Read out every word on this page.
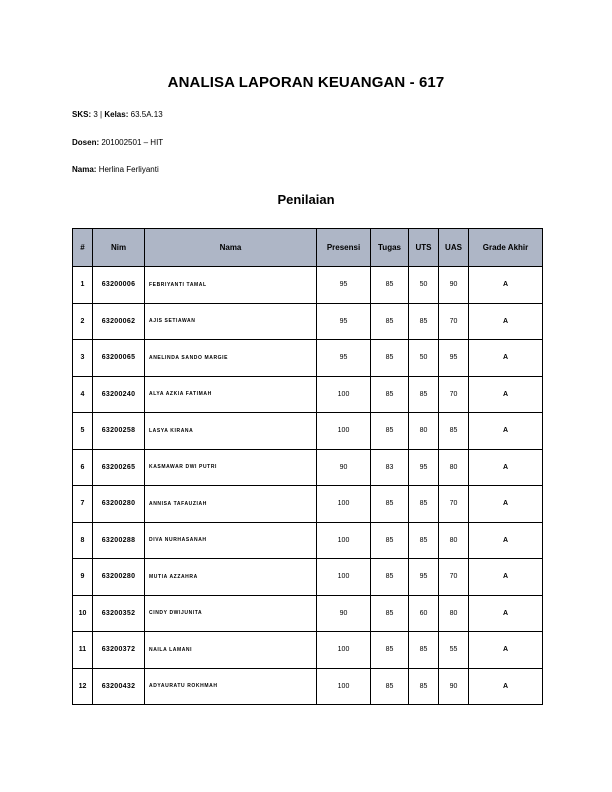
ANALISA LAPORAN KEUANGAN - 617
SKS: 3 | Kelas: 63.5A.13
Dosen: 201002501 – HIT
Nama: Herlina Ferliyanti
Penilaian
#	Nim	Nama	Presensi	Tugas	UTS	UAS	Grade Akhir
1	63200006	FEBRIYANTI TAMAL	95	85	50	90	A
2	63200062	AJIS SETIAWAN	95	85	85	70	A
3	63200065	ANELINDA SANDO MARGIE	95	85	50	95	A
4	63200240	ALYA AZKIA FATIMAH	100	85	85	70	A
5	63200258	LASYA KIRANA	100	85	80	85	A
6	63200265	KASMAWAR DWI PUTRI	90	83	95	80	A
7	63200280	ANNISA TAFAUZIAH	100	85	85	70	A
8	63200288	DIVA NURHASANAH	100	85	85	80	A
9	63200280	MUTIA AZZAHRA	100	85	95	70	A
10	63200352	CINDY DWIJUNITA	90	85	60	80	A
11	63200372	NAILA LAMANI	100	85	85	55	A
12	63200432	ADYAURATU ROKHMAH	100	85	85	90	A
